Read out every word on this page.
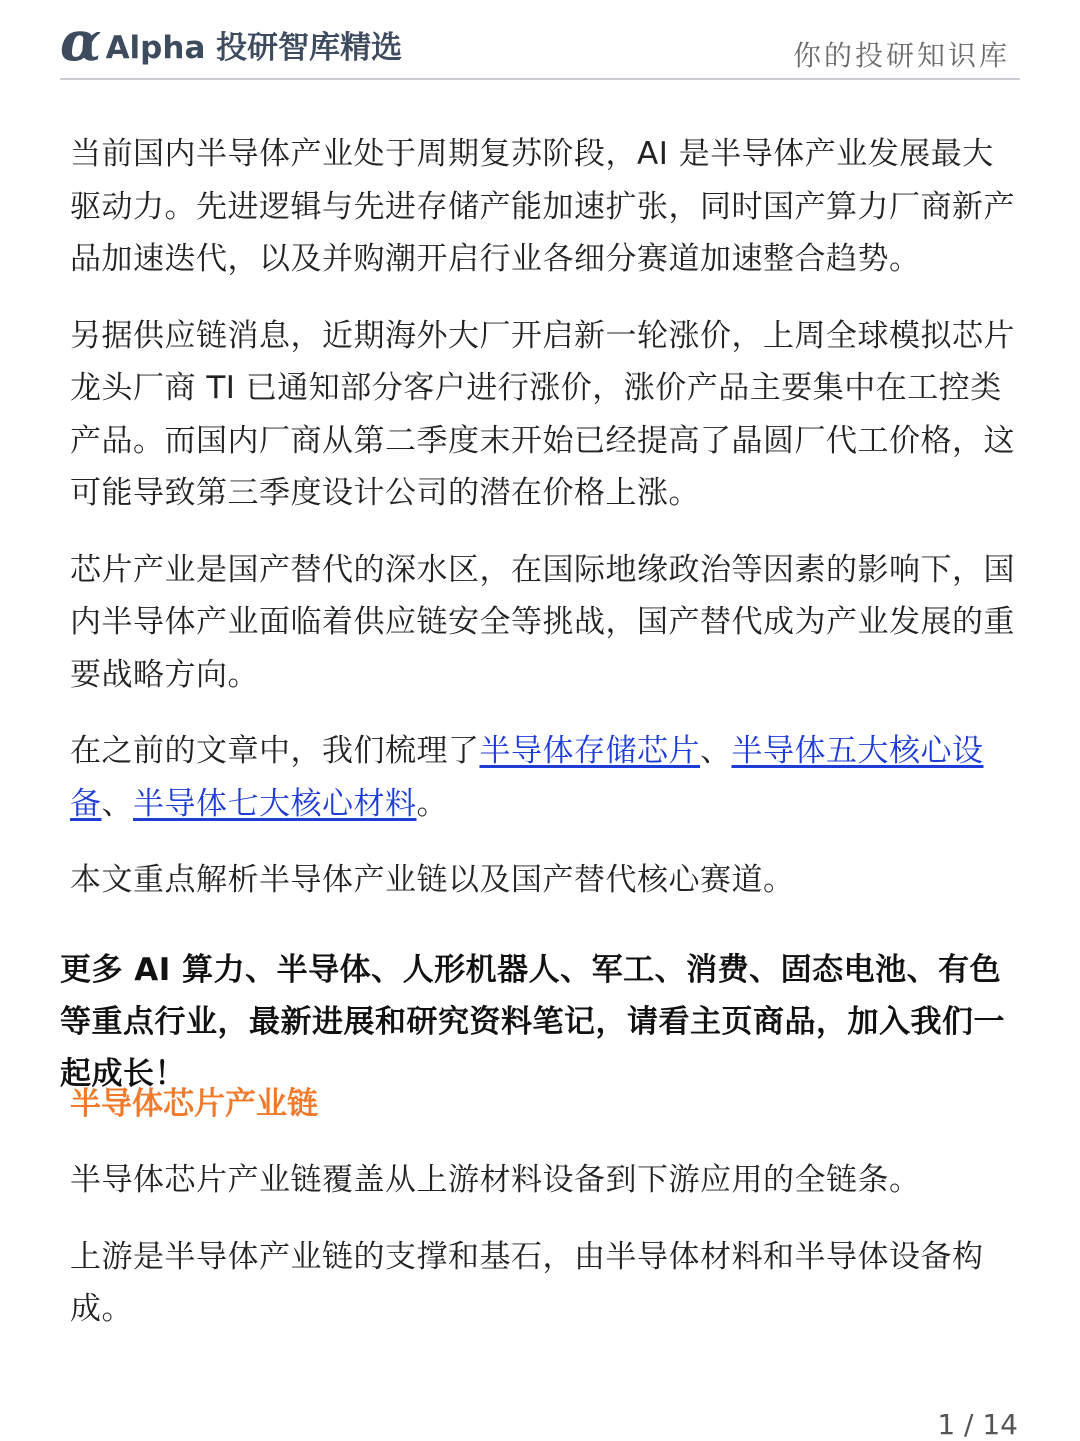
α Alpha 投研智库精选	你的投研知识库

当前国内半导体产业处于周期复苏阶段，AI 是半导体产业发展最大驱动力。先进逻辑与先进存储产能加速扩张，同时国产算力厂商新产品加速迭代，以及并购潮开启行业各细分赛道加速整合趋势。

另据供应链消息，近期海外大厂开启新一轮涨价，上周全球模拟芯片龙头厂商 TI 已通知部分客户进行涨价，涨价产品主要集中在工控类产品。而国内厂商从第二季度末开始已经提高了晶圆厂代工价格，这可能导致第三季度设计公司的潜在价格上涨。

芯片产业是国产替代的深水区，在国际地缘政治等因素的影响下，国内半导体产业面临着供应链安全等挑战，国产替代成为产业发展的重要战略方向。

在之前的文章中，我们梳理了半导体存储芯片、半导体五大核心设备、半导体七大核心材料。

本文重点解析半导体产业链以及国产替代核心赛道。

更多 AI 算力、半导体、人形机器人、军工、消费、固态电池、有色等重点行业，最新进展和研究资料笔记，请看主页商品，加入我们一起成长！
半导体芯片产业链

半导体芯片产业链覆盖从上游材料设备到下游应用的全链条。

上游是半导体产业链的支撑和基石，由半导体材料和半导体设备构成。

1 / 14
